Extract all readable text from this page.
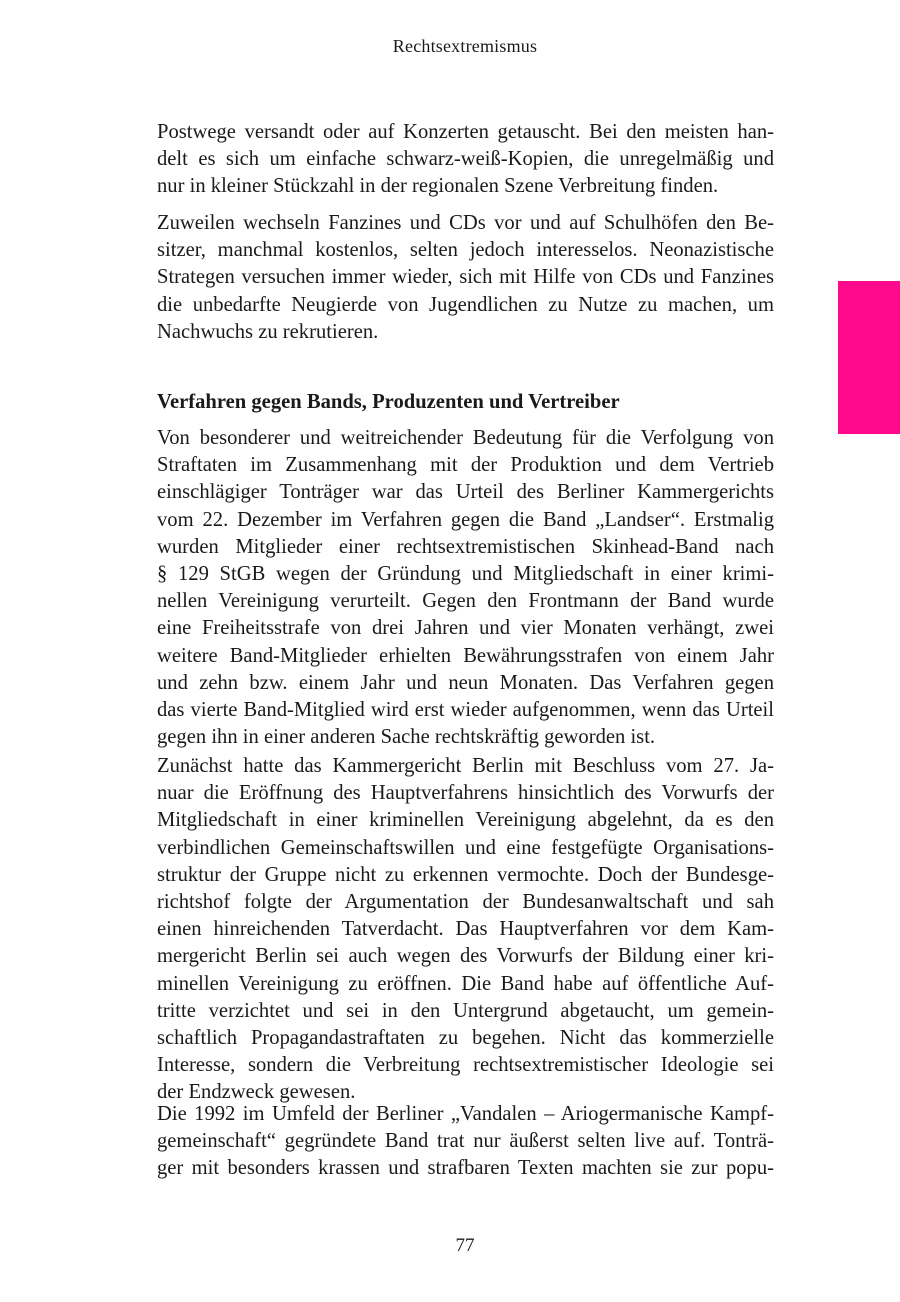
Rechtsextremismus
Postwege versandt oder auf Konzerten getauscht. Bei den meisten han-
delt es sich um einfache schwarz-weiß-Kopien, die unregelmäßig und
nur in kleiner Stückzahl in der regionalen Szene Verbreitung finden.
Zuweilen wechseln Fanzines und CDs vor und auf Schulhöfen den Be-
sitzer, manchmal kostenlos, selten jedoch interesselos. Neonazistische
Strategen versuchen immer wieder, sich mit Hilfe von CDs und Fanzines
die unbedarfte Neugierde von Jugendlichen zu Nutze zu machen, um
Nachwuchs zu rekrutieren.
Verfahren gegen Bands, Produzenten und Vertreiber
Von besonderer und weitreichender Bedeutung für die Verfolgung von
Straftaten im Zusammenhang mit der Produktion und dem Vertrieb
einschlägiger Tonträger war das Urteil des Berliner Kammergerichts
vom 22. Dezember im Verfahren gegen die Band „Landser“. Erstmalig
wurden Mitglieder einer rechtsextremistischen Skinhead-Band nach
§ 129 StGB wegen der Gründung und Mitgliedschaft in einer krimi-
nellen Vereinigung verurteilt. Gegen den Frontmann der Band wurde
eine Freiheitsstrafe von drei Jahren und vier Monaten verhängt, zwei
weitere Band-Mitglieder erhielten Bewährungsstrafen von einem Jahr
und zehn bzw. einem Jahr und neun Monaten. Das Verfahren gegen
das vierte Band-Mitglied wird erst wieder aufgenommen, wenn das Urteil
gegen ihn in einer anderen Sache rechtskräftig geworden ist.
Zunächst hatte das Kammergericht Berlin mit Beschluss vom 27. Ja-
nuar die Eröffnung des Hauptverfahrens hinsichtlich des Vorwurfs der
Mitgliedschaft in einer kriminellen Vereinigung abgelehnt, da es den
verbindlichen Gemeinschaftswillen und eine festgefügte Organisations-
struktur der Gruppe nicht zu erkennen vermochte. Doch der Bundesge-
richtshof folgte der Argumentation der Bundesanwaltschaft und sah
einen hinreichenden Tatverdacht. Das Hauptverfahren vor dem Kam-
mergericht Berlin sei auch wegen des Vorwurfs der Bildung einer kri-
minellen Vereinigung zu eröffnen. Die Band habe auf öffentliche Auf-
tritte verzichtet und sei in den Untergrund abgetaucht, um gemein-
schaftlich Propagandastraftaten zu begehen. Nicht das kommerzielle
Interesse, sondern die Verbreitung rechtsextremistischer Ideologie sei
der Endzweck gewesen.
Die 1992 im Umfeld der Berliner „Vandalen – Ariogermanische Kampf-
gemeinschaft“ gegründete Band trat nur äußerst selten live auf. Tonträ-
ger mit besonders krassen und strafbaren Texten machten sie zur popu-
77
